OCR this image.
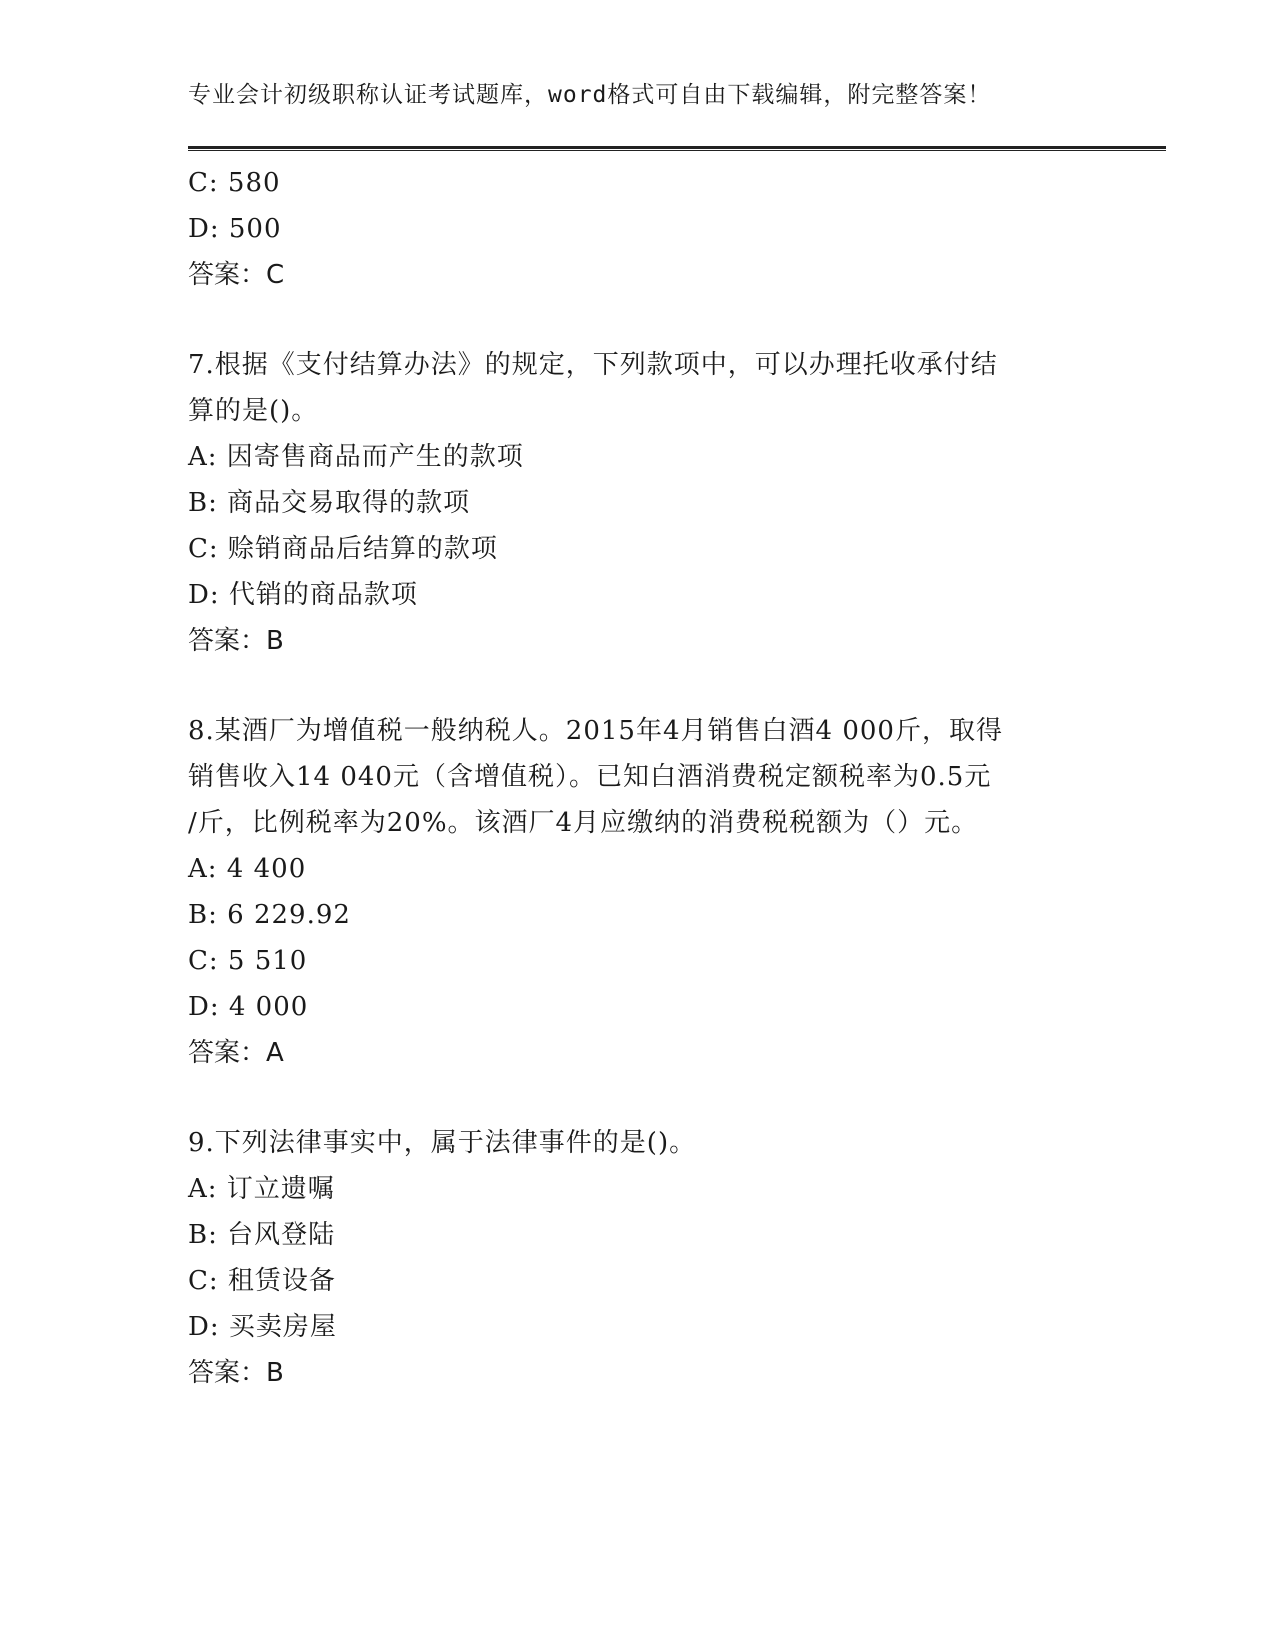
专业会计初级职称认证考试题库，word格式可自由下载编辑，附完整答案！
C: 580
D: 500
答案：C
7.根据《支付结算办法》的规定，下列款项中，可以办理托收承付结
算的是()。
A: 因寄售商品而产生的款项
B: 商品交易取得的款项
C: 赊销商品后结算的款项
D: 代销的商品款项
答案：B
8.某酒厂为增值税一般纳税人。2015年4月销售白酒4 000斤，取得
销售收入14 040元（含增值税）。已知白酒消费税定额税率为0.5元
/斤，比例税率为20%。该酒厂4月应缴纳的消费税税额为（）元。
A: 4 400
B: 6 229.92
C: 5 510
D: 4 000
答案：A
9.下列法律事实中，属于法律事件的是()。
A: 订立遗嘱
B: 台风登陆
C: 租赁设备
D: 买卖房屋
答案：B
